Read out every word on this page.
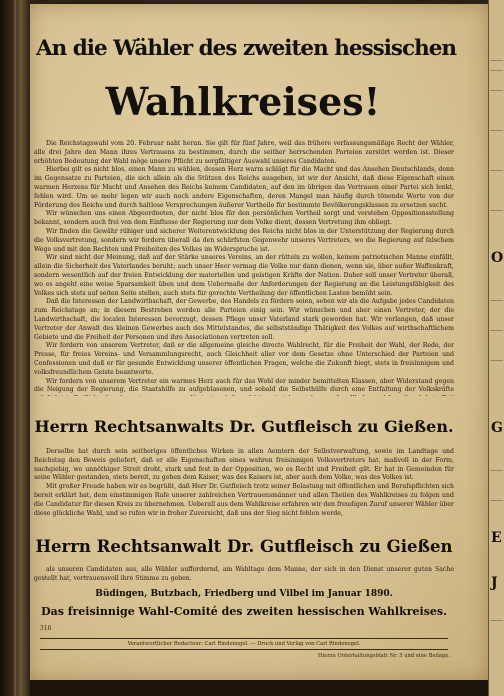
An die Wähler des zweiten hessischen
Wahlkreises!

Die Reichstagswahl vom 20. Februar naht heran. Sie gilt für fünf Jahre, weil das frühere verfassungsmäßige Recht der Wähler, alle drei Jahre den Mann ihres Vertrauens zu bestimmen, durch die seither herrschenden Parteien zerstört worden ist. Dieser erhöhten Bedeutung der Wahl möge unsere Pflicht zu sorgfältiger Auswahl unseres Candidaten.

Hierbei gilt es nicht blos, einen Mann zu wählen, dessen Herz warm schlägt für die Macht und das Ansehen Deutschlands, denn im Gegensatze zu Parteien, die sich allein als die Stützen des Reichs ausgeben, ist wir der Ansicht, daß diese Eigenschaft einen warmen Herzens für Macht und Ansehen des Reichs keinem Candidaten, auf den im übrigen das Vertrauen einer Partei sich lenkt, fehlen wird. Um so mehr legen wir auch noch andere Eigenschaften, deren Mangel man häufig durch tönende Worte von der Förderung des Reichs und durch haltlose Versprechungen äußerer Vortheile für bestimmte Bevölkerungsklassen zu ersetzen sucht.

Wir wünschen uns einen Abgeordneten, der nicht blos für den persönlichen Vortheil sorgt und verstehen Oppositionsstellung bekannt, sondern auch frei von dem Einflusse der Regierung nur dem Volke dient, dessen Vertretung ihm obliegt.

Wir finden die Gewähr rühiger und sicherer Weiterentwicklung des Reichs nicht blos in der Unterstützung der Regierung durch die Volksvertretung, sondern wir fordern überall da den schärfsten Gegenwehr unseres Vertreters, wo die Regierung auf falschem Wege und mit den Rechten und Freiheiten des Volkes im Widerspruche ist.

Wir sind nicht der Meinung, daß auf der Stärke unseres Vereins, an der rütteln zu wollen, keinem patriotischen Manne einfällt, allein die Sicherheit des Vaterlandes beruht; auch unser Heer vermag die Volke nur dann dienen, wenn sie, über außer Waffenkraft, sondern wesentlich auf der freien Entwicklung der materiellen und geistigen Kräfte der Nation. Daher soll unser Vertreter überall, wo es angeht eine weise Sparsamkeit üben und dem Uebermaße der Anforderungen der Regierung an die Leistungsfähigkeit des Volkes sich stets auf seiten Seite stellen, auch stets für gerechte Vertheilung der öffentlichen Lasten bemüht sein.

Daß die Interessen der Landwirthschaft, der Gewerbe, des Handels zu fördern seien, sehen wir als die Aufgabe jedes Candidaten zum Reichstage an; in diesem Bestreben werden alle Parteien einig sein. Wir wünschen und aber einen Vertreter, der die Landwirthschaft, die localen Interessen bevorzugt, dessen Pflege unser Vaterland stark geworden hat. Wir verlangen, daß unser Vertreter der Anwalt des kleinen Gewerbes auch des Mittelstandes, die selbstständige Thätigkeit des Volkes auf wirthschaftlichem Gebiete und die Freiheit der Personen und ihre Associationen vertreten soll.

Wir fordern von unserem Vertreter, daß er die allgemeine gleiche directe Wahlrecht, für die Freiheit der Wahl, der Rede, der Presse, für freies Vereins- und Versammlungsrecht, auch Gleichheit aller vor dem Gesetze ohne Unterschied der Parteien und Confessionen und daß er für gesunde Entwicklung unserer öffentlichen Fragen, welche die Zukunft biegt, stets in freisinnigem und volksfreundlichem Geiste beantworte.

Wir fordern von unserem Vertreter ein warmes Herz auch für das Wohl der minder bemittelten Klassen, aber Widerstand gegen die Neigung der Regierung, die Staatshilfe zu aufgeblasenen, und sobald die Selbsthülfe durch eine Entfaltung der Volkskräfte

Herrn Rechtsanwalts Dr. Gutfleisch zu Gießen.

Derselbe hat durch sein seitheriges öffentliches Wirken in allen Aemtern der Selbstverwaltung, sowie im Landtage und Reichstag den Beweis geliefert, daß er alle Eigenschaften eines wahren freisinnigen Volksvertreters hat, maßvoll in der Form, nachgiebig, wo unnöthiger Streit droht, stark und fest in der Opposition, wo es Recht und Freiheit gilt. Er hat in Gemeinden für seine Wähler gestanden, stets bereit, zu geben dem Kaiser, was des Kaisers ist, aber auch dem Volke, was des Volkes ist.

Mit großer Freude haben wir es begrüßt, daß Herr Dr. Gutfleisch trotz seiner Belastung mit öffentlichen und Berufspflichten sich bereit erklärt hat, dem einstimmigen Rufe unserer zahlreichen Vertrauensmänner und allen Theilen des Wahlkreises zu folgen und die Candidatur für diesen Kreis zu übernehmen. Ueberall aus dem Wahlkreise erfahren wir den freudigen Zuruf unserer Wähler über diese glückliche Wahl, und so rufen wir in froher Zuversicht, daß uns der Sieg nicht fehlen werde,

Herrn Rechtsanwalt Dr. Gutfleisch zu Gießen

als unseren Candidaten aus, alle Wähler auffordernd, am Wahltage dem Manne, der sich in den Dienst unserer guten Sache gestellt hat, vertrauensvoll ihre Stimme zu geben.

Büdingen, Butzbach, Friedberg und Vilbel im Januar 1890.
Das freisinnige Wahl-Comité des zweiten hessischen Wahlkreises.
316
Verantwortlicher Redacteur: Carl Rindenegel. — Druck und Verlag von Carl Rindenegel.
Hierzu Unterhaltungsblatt Nr. 5 und eine Beilage.
O
G
E
J
